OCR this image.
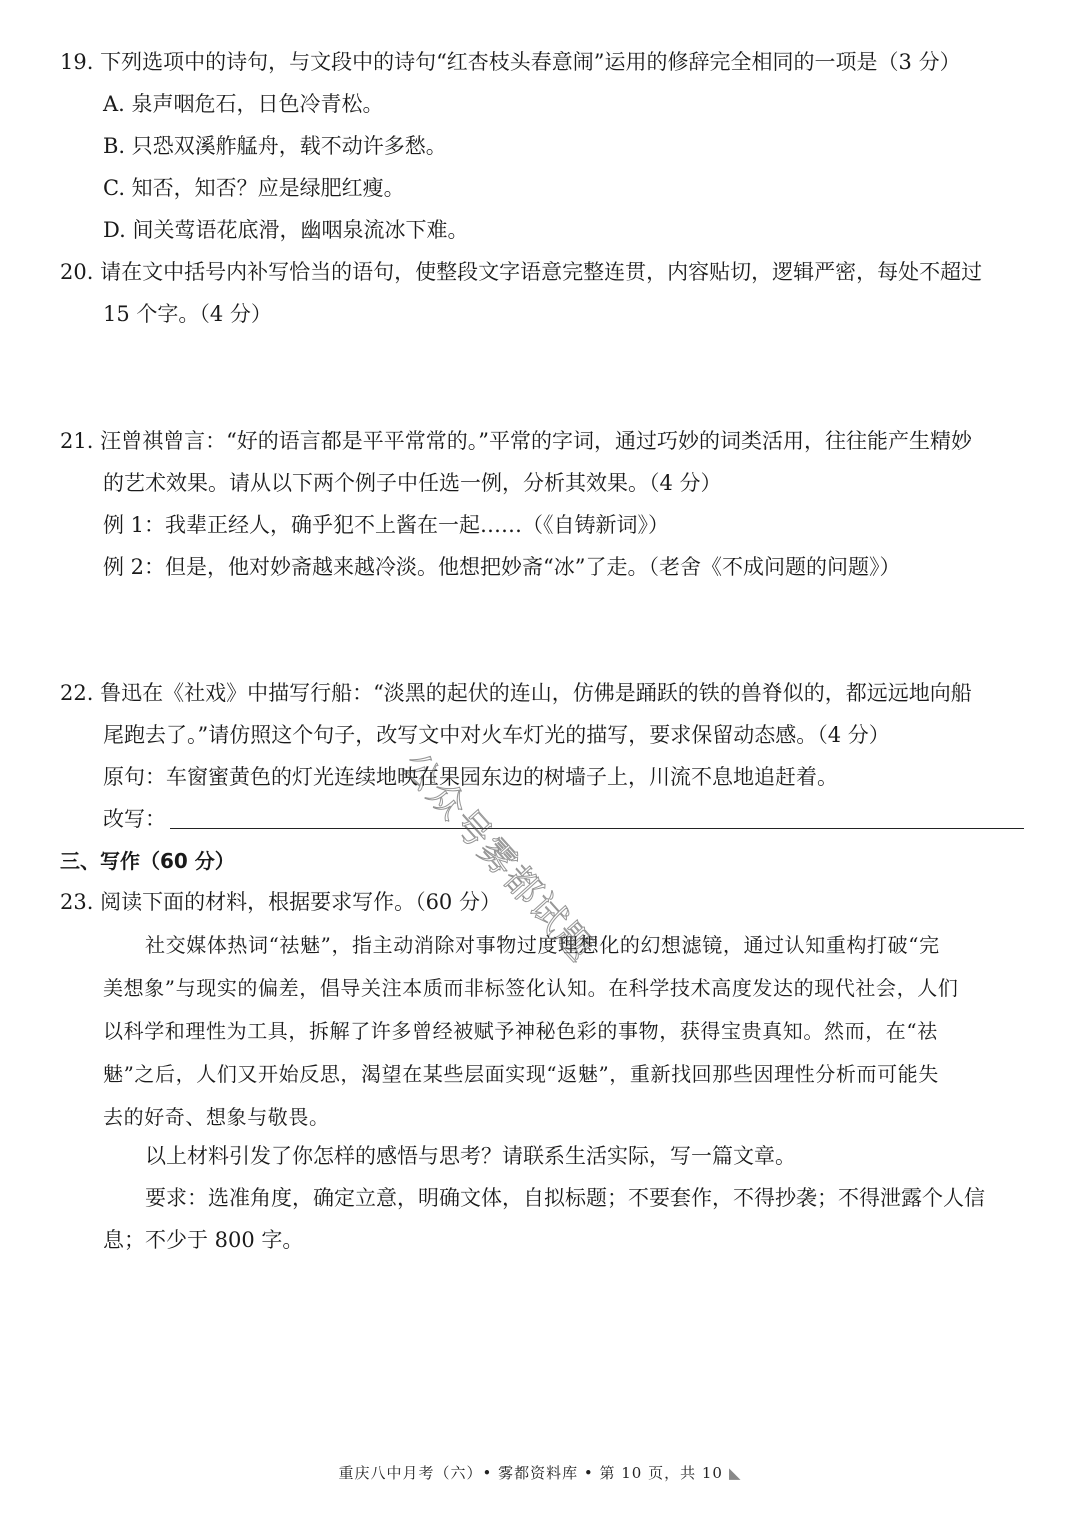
19. 下列选项中的诗句，与文段中的诗句“红杏枝头春意闹”运用的修辞完全相同的一项是（3 分）
A. 泉声咽危石，日色冷青松。
B. 只恐双溪舴艋舟，载不动许多愁。
C. 知否，知否？应是绿肥红瘦。
D. 间关莺语花底滑，幽咽泉流冰下难。
20. 请在文中括号内补写恰当的语句，使整段文字语意完整连贯，内容贴切，逻辑严密，每处不超过
15 个字。（4 分）
21. 汪曾祺曾言：“好的语言都是平平常常的。”平常的字词，通过巧妙的词类活用，往往能产生精妙
的艺术效果。请从以下两个例子中任选一例，分析其效果。（4 分）
例 1：我辈正经人，确乎犯不上酱在一起……（《自铸新词》）
例 2：但是，他对妙斋越来越冷淡。他想把妙斋“冰”了走。（老舍《不成问题的问题》）
22. 鲁迅在《社戏》中描写行船：“淡黑的起伏的连山，仿佛是踊跃的铁的兽脊似的，都远远地向船
尾跑去了。”请仿照这个句子，改写文中对火车灯光的描写，要求保留动态感。（4 分）
原句：车窗蜜黄色的灯光连续地映在果园东边的树墙子上，川流不息地追赶着。
改写：
三、写作（60 分）
23. 阅读下面的材料，根据要求写作。（60 分）
社交媒体热词“祛魅”，指主动消除对事物过度理想化的幻想滤镜，通过认知重构打破“完
美想象”与现实的偏差，倡导关注本质而非标签化认知。在科学技术高度发达的现代社会，人们
以科学和理性为工具，拆解了许多曾经被赋予神秘色彩的事物，获得宝贵真知。然而，在“祛
魅”之后，人们又开始反思，渴望在某些层面实现“返魅”，重新找回那些因理性分析而可能失
去的好奇、想象与敬畏。
以上材料引发了你怎样的感悟与思考？请联系生活实际，写一篇文章。
要求：选准角度，确定立意，明确文体，自拟标题；不要套作，不得抄袭；不得泄露个人信
息；不少于 800 字。
公众号雾都试题
重庆八中月考（六）• 雾都资料库 • 第 10 页，共 10 ◣
